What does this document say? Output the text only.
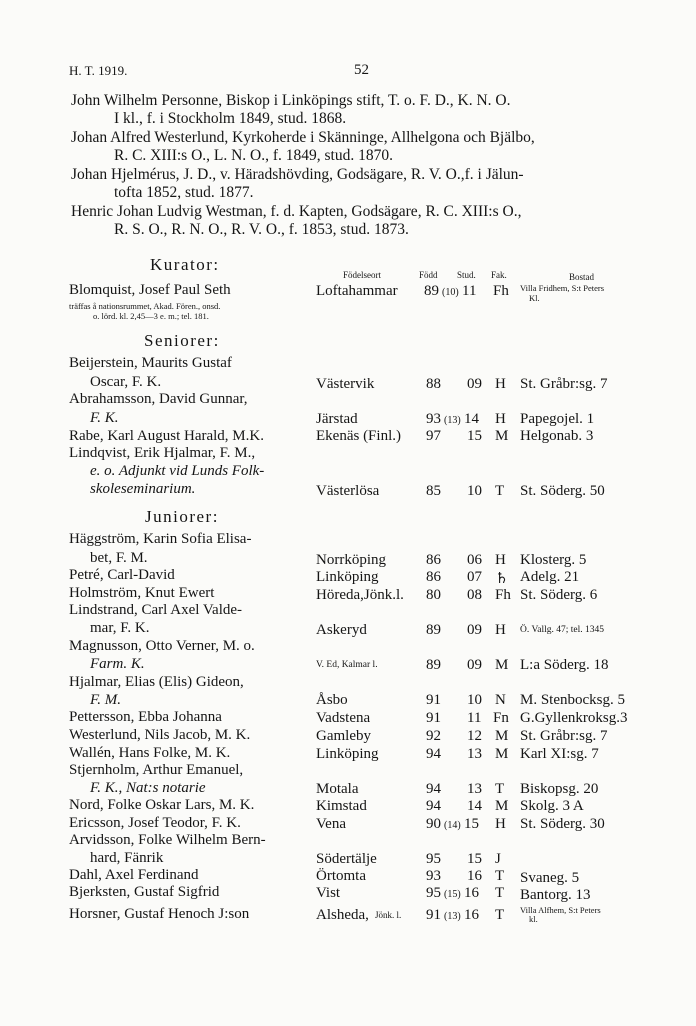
H. T. 1919.	52
John Wilhelm Personne, Biskop i Linköpings stift, T. o. F. D., K. N. O.
I kl., f. i Stockholm 1849, stud. 1868.
Johan Alfred Westerlund, Kyrkoherde i Skänninge, Allhelgona och Bjälbo,
R. C. XIII:s O., L. N. O., f. 1849, stud. 1870.
Johan Hjelmérus, J. D., v. Häradshövding, Godsägare, R. V. O.,f. i Jälun-
tofta 1852, stud. 1877.
Henric Johan Ludvig Westman, f. d. Kapten, Godsägare, R. C. XIII:s O.,
R. S. O., R. N. O., R. V. O., f. 1853, stud. 1873.
Kurator:
Födelseort	Född Stud. Fak.	Bostad
Blomquist, Josef Paul Seth	Loftahammar 89 (10) 11 Fh Villa Fridhem, S:t Peters
Kl.
träffas å nationsrummet, Akad. Fören., onsd.
o. lörd. kl. 2,45—3 e. m.; tel. 181.
Seniorer:
Beijerstein, Maurits Gustaf
Oscar, F. K.	Västervik	88 09 H St. Gråbr:sg. 7
Abrahamsson, David Gunnar,
F. K.	Järstad	93 (13) 14 H Papegojel. 1
Rabe, Karl August Harald, M.K.	Ekenäs (Finl.) 97 15 M Helgonab. 3
Lindqvist, Erik Hjalmar, F. M.,
e. o. Adjunkt vid Lunds Folk-
skoleseminarium.	Västerlösa	85 10 T St. Söderg. 50
Juniorer:
Häggström, Karin Sofia Elisa-
bet, F. M.	Norrköping	86 06 H Klosterg. 5
Petré, Carl-David	Linköping	86 07 ♄ Adelg. 21
Holmström, Knut Ewert	Höreda,Jönk.l. 80 08 Fh St. Söderg. 6
Lindstrand, Carl Axel Valde-
mar, F. K.	Askeryd	89 09 H Ö. Vallg. 47; tel. 1345
Magnusson, Otto Verner, M. o.
Farm. K.	V. Ed, Kalmar l.	89 09 M L:a Söderg. 18
Hjalmar, Elias (Elis) Gideon,
F. M.	Åsbo	91 10 N M. Stenbocksg. 5
Pettersson, Ebba Johanna	Vadstena	91 11 Fn G.Gyllenkroksg.3
Westerlund, Nils Jacob, M. K.	Gamleby	92 12 M St. Gråbr:sg. 7
Wallén, Hans Folke, M. K.	Linköping	94 13 M Karl XI:sg. 7
Stjernholm, Arthur Emanuel,
F. K., Nat:s notarie	Motala	94 13 T Biskopsg. 20
Nord, Folke Oskar Lars, M. K.	Kimstad	94 14 M Skolg. 3 A
Ericsson, Josef Teodor, F. K.	Vena	90 (14) 15 H St. Söderg. 30
Arvidsson, Folke Wilhelm Bern-
hard, Fänrik	Södertälje	95 15 J
Dahl, Axel Ferdinand	Örtomta	93 16 T Svaneg. 5
Bjerksten, Gustaf Sigfrid	Vist	95 (15) 16 T Bantorg. 13
Horsner, Gustaf Henoch J:son	Alsheda, Jönk. l. 91 (13) 16 T Villa Alfhem, S:t Peters
kl.
